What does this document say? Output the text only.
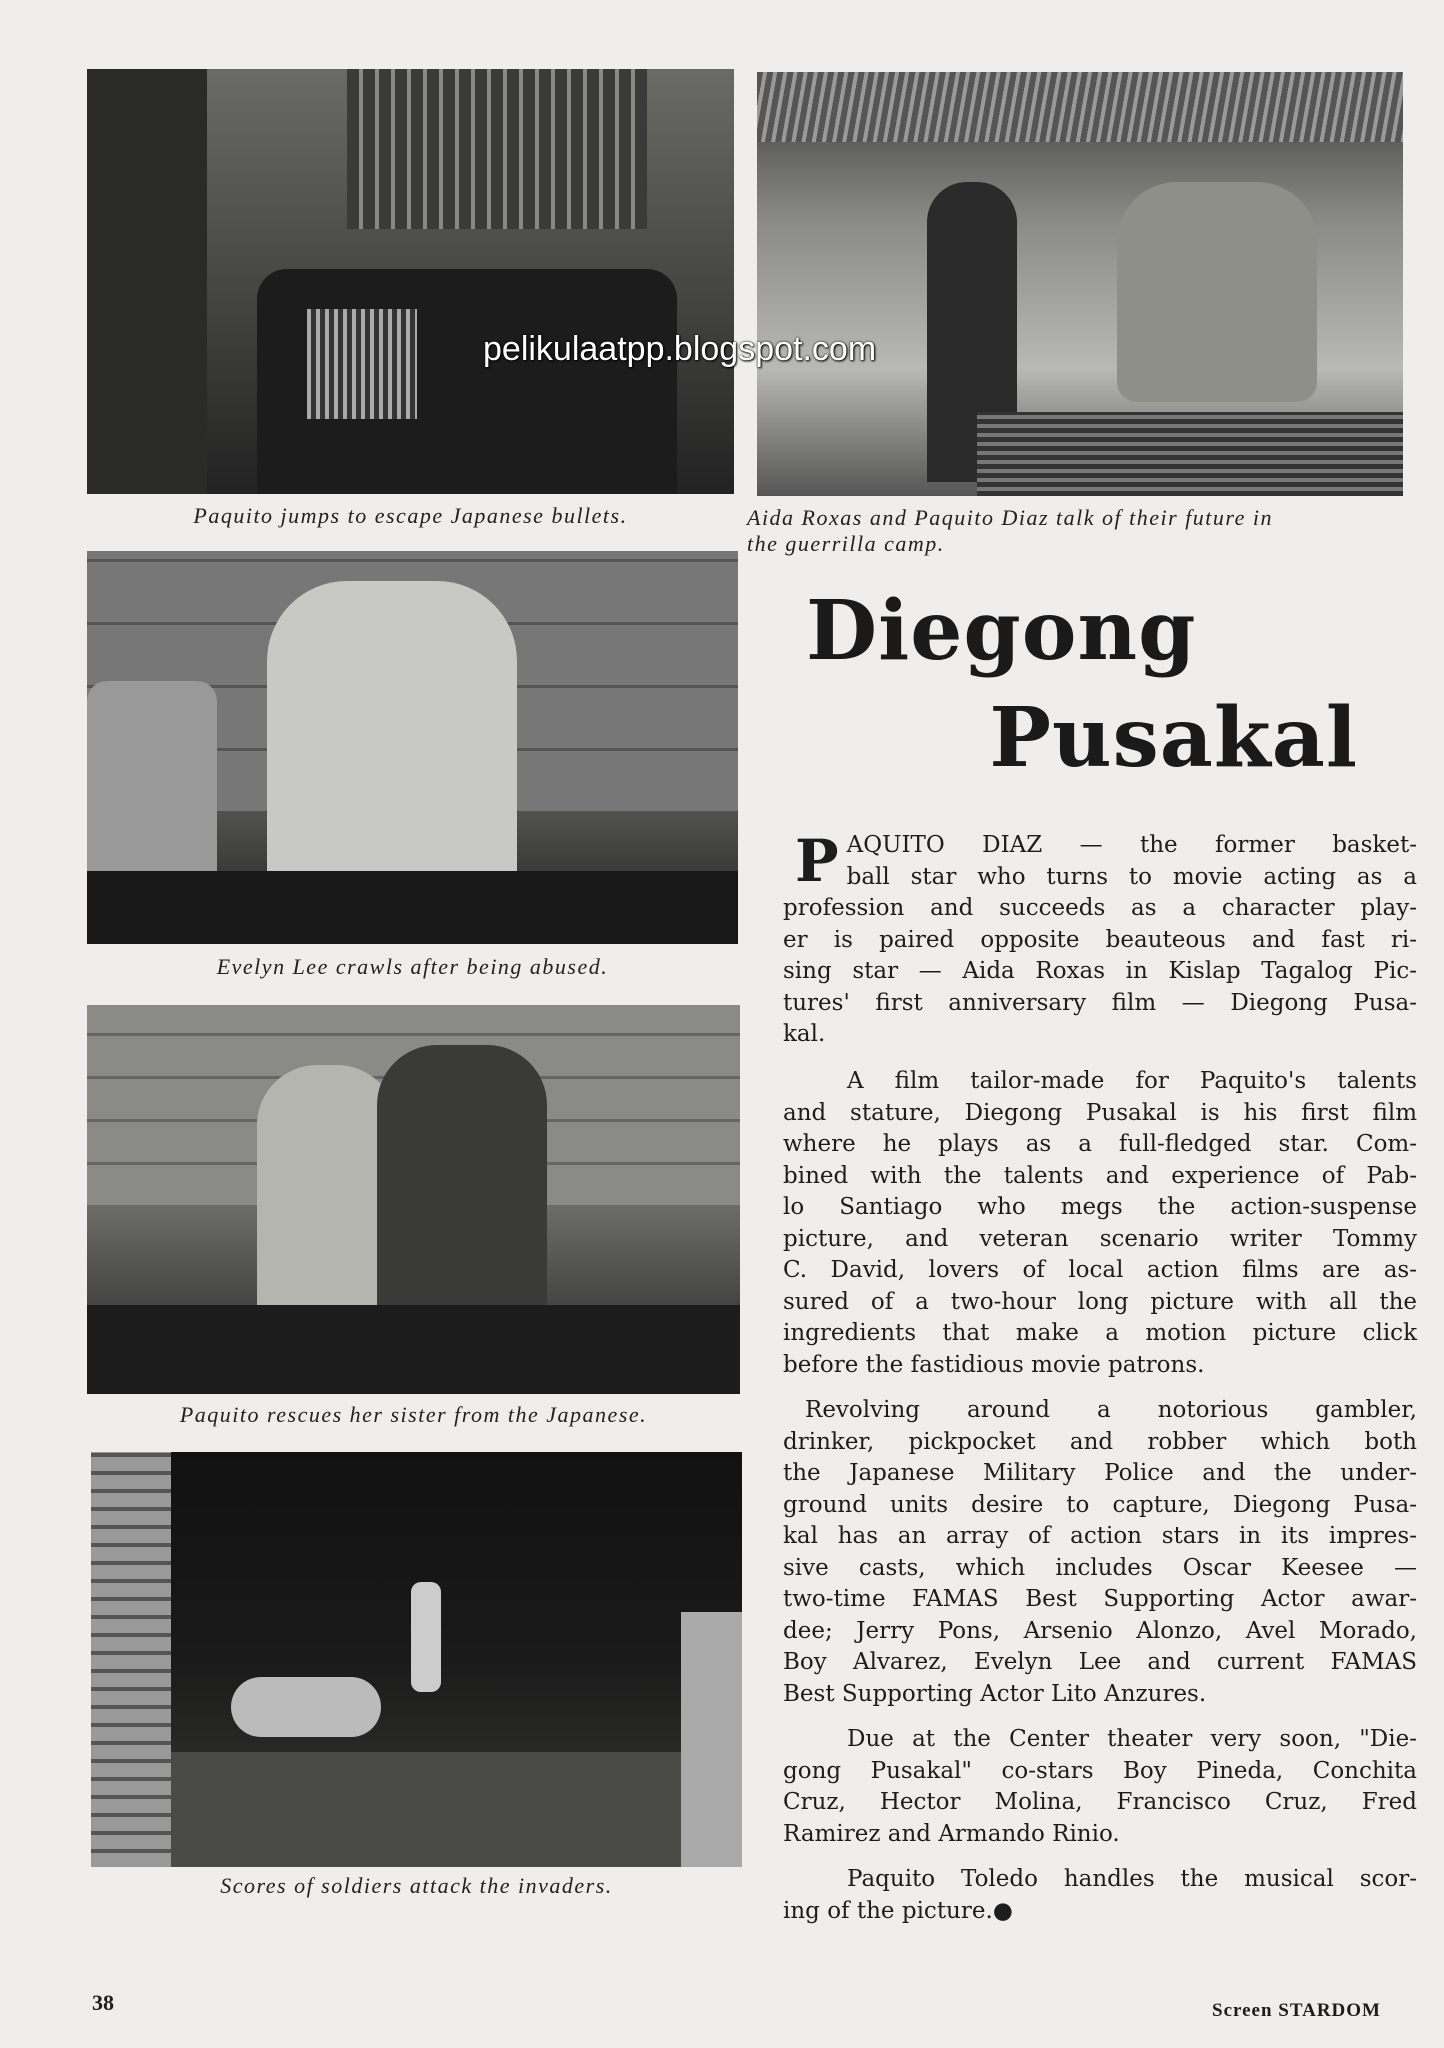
Paquito jumps to escape Japanese bullets.	Aida Roxas and Paquito Diaz talk of their future in
the guerrilla camp.
pelikulaatpp.blogspot.com
Evelyn Lee crawls after being abused.
Paquito rescues her sister from the Japanese.
Scores of soldiers attack the invaders.
Diegong
Pusakal
P AQUITO DIAZ — the former basket-
ball star who turns to movie acting as a
profession and succeeds as a character play-
er is paired opposite beauteous and fast ri-
sing star — Aida Roxas in Kislap Tagalog Pic-
tures' first anniversary film — Diegong Pusa-
kal.
A film tailor-made for Paquito's talents
and stature, Diegong Pusakal is his first film
where he plays as a full-fledged star. Com-
bined with the talents and experience of Pab-
lo Santiago who megs the action-suspense
picture, and veteran scenario writer Tommy
C. David, lovers of local action films are as-
sured of a two-hour long picture with all the
ingredients that make a motion picture click
before the fastidious movie patrons.
Revolving around a notorious gambler,
drinker, pickpocket and robber which both
the Japanese Military Police and the under-
ground units desire to capture, Diegong Pusa-
kal has an array of action stars in its impres-
sive casts, which includes Oscar Keesee —
two-time FAMAS Best Supporting Actor awar-
dee; Jerry Pons, Arsenio Alonzo, Avel Morado,
Boy Alvarez, Evelyn Lee and current FAMAS
Best Supporting Actor Lito Anzures.
Due at the Center theater very soon, "Die-
gong Pusakal" co-stars Boy Pineda, Conchita
Cruz, Hector Molina, Francisco Cruz, Fred
Ramirez and Armando Rinio.
Paquito Toledo handles the musical scor-
ing of the picture.●
38	Screen STARDOM
